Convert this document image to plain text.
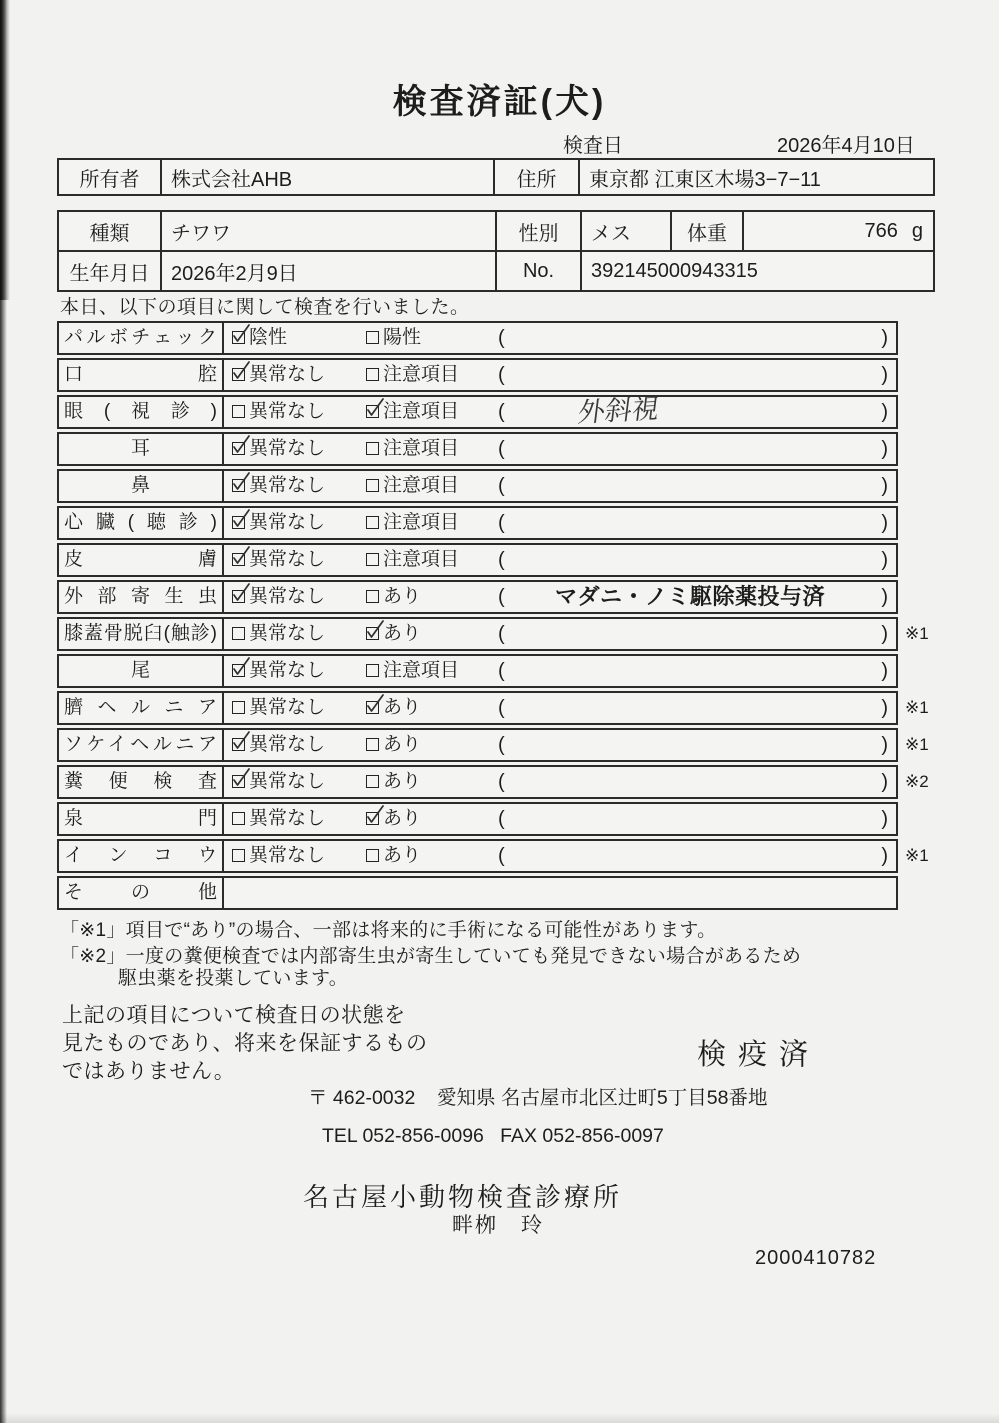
検査済証(犬)
検査日	2026年4月10日
所有者	株式会社AHB	住所	東京都 江東区木場3−7−11
種類	チワワ	性別	メス	体重	766 g
生年月日	2026年2月9日	No.	392145000943315
本日、以下の項目に関して検査を行いました。
パルボチェック	陰性	陽性	(	)
口腔	異常なし	注意項目 (	)
眼(視診)	異常なし	注意項目 (	外斜視	)
耳	異常なし	注意項目 (	)
鼻	異常なし	注意項目 (	)
心臓(聴診)	異常なし	注意項目 (	)
皮膚	異常なし	注意項目 (	)
外部寄生虫	異常なし	あり	(	マダニ・ノミ駆除薬投与済	)
膝蓋骨脱臼(触診)	異常なし	あり	(	) ※1
尾	異常なし	注意項目 (	)
臍ヘルニア	異常なし	あり	(	) ※1
ソケイヘルニア	異常なし	あり	(	) ※1
糞便検査	異常なし	あり	(	) ※2
泉門	異常なし	あり	(	)
インコウ	異常なし	あり	(	) ※1
その他
「※1」項目で“あり”の場合、一部は将来的に手術になる可能性があります。
「※2」一度の糞便検査では内部寄生虫が寄生していても発見できない場合があるため
駆虫薬を投薬しています。
上記の項目について検査日の状態を
見たものであり、将来を保証するもの
ではありません。
検疫済
〒 462-0032    愛知県 名古屋市北区辻町5丁目58番地
TEL 052-856-0096   FAX 052-856-0097
名古屋小動物検査診療所
畔栁　玲
2000410782
